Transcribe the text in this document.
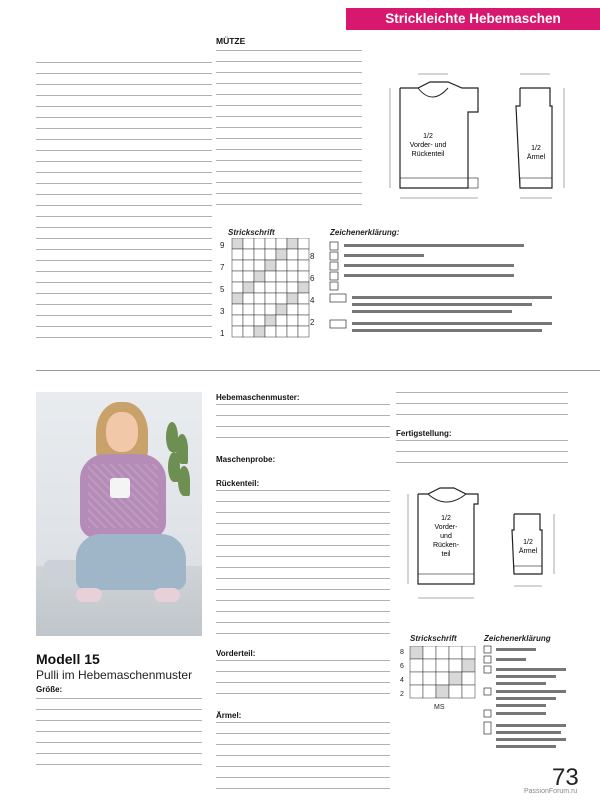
Strickleichte Hebemaschen
MÜTZE
1/2
Vorder- und
Rückenteil
1/2
Ärmel
Strickschrift
9
7
5
3
1
8
6
4
2
Zeichenerklärung:
Modell 15
Pulli im Hebemaschenmuster
Größe:
Hebemaschenmuster:
Maschenprobe:
Rückenteil:
Vorderteil:
Ärmel:
Fertigstellung:
1/2
Vorder-
und
Rücken-
teil
1/2
Ärmel
Strickschrift
8
6
4
2
MS
Zeichenerklärung
73
PassionForum.ru
